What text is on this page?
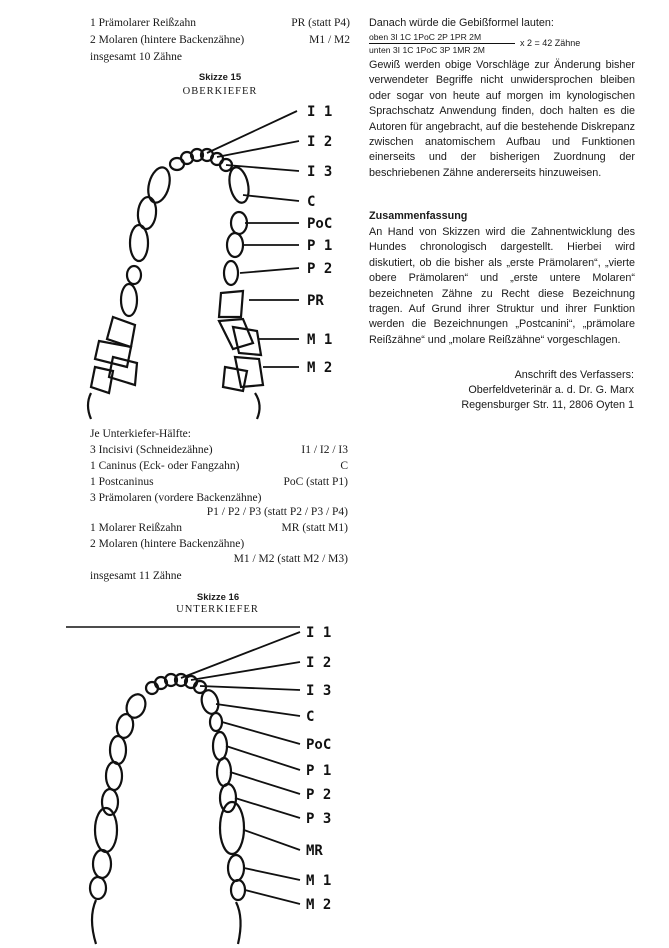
1 Prämolarer Reißzahn	PR (statt P4)
2 Molaren (hintere Backenzähne)	M1 / M2
insgesamt 10 Zähne
Skizze 15
OBERKIEFER
I 1
I 2
I 3
C
PoC
P 1
P 2
PR
M 1
M 2
Je Unterkiefer-Hälfte:
3 Incisivi (Schneidezähne)	I1 / I2 / I3
1 Caninus (Eck- oder Fangzahn)	C
1 Postcaninus	PoC (statt P1)
3 Prämolaren (vordere Backenzähne)
P1 / P2 / P3 (statt P2 / P3 / P4)
1 Molarer Reißzahn	MR (statt M1)
2 Molaren (hintere Backenzähne)
M1 / M2 (statt M2 / M3)
insgesamt 11 Zähne
Skizze 16
UNTERKIEFER
I 1
I 2
I 3
C
PoC
P 1
P 2
P 3
MR
M 1
M 2
Danach würde die Gebißformel lauten:
oben 3I 1C 1PoC 2P 1PR 2M
unten 3I 1C 1PoC 3P 1MR 2M
x 2 = 42 Zähne

Gewiß werden obige Vorschläge zur Änderung bisher verwendeter Begriffe nicht unwidersprochen bleiben oder sogar von heute auf morgen im kynologischen Sprachschatz Anwendung finden, doch halten es die Autoren für angebracht, auf die bestehende Diskrepanz zwischen anatomischem Aufbau und Funktionen einerseits und der bisherigen Zuordnung der beschriebenen Zähne andererseits hinzuweisen.

Zusammenfassung

An Hand von Skizzen wird die Zahnentwicklung des Hundes chronologisch dargestellt. Hierbei wird diskutiert, ob die bisher als „erste Prämolaren“, „vierte obere Prämolaren“ und „erste untere Molaren“ bezeichneten Zähne zu Recht diese Bezeichnung tragen. Auf Grund ihrer Struktur und ihrer Funktion werden die Bezeichnungen „Postcanini“, „prämolare Reißzähne“ und „molare Reißzähne“ vorgeschlagen.

Anschrift des Verfassers:
Oberfeldveterinär a. d. Dr. G. Marx
Regensburger Str. 11, 2806 Oyten 1
